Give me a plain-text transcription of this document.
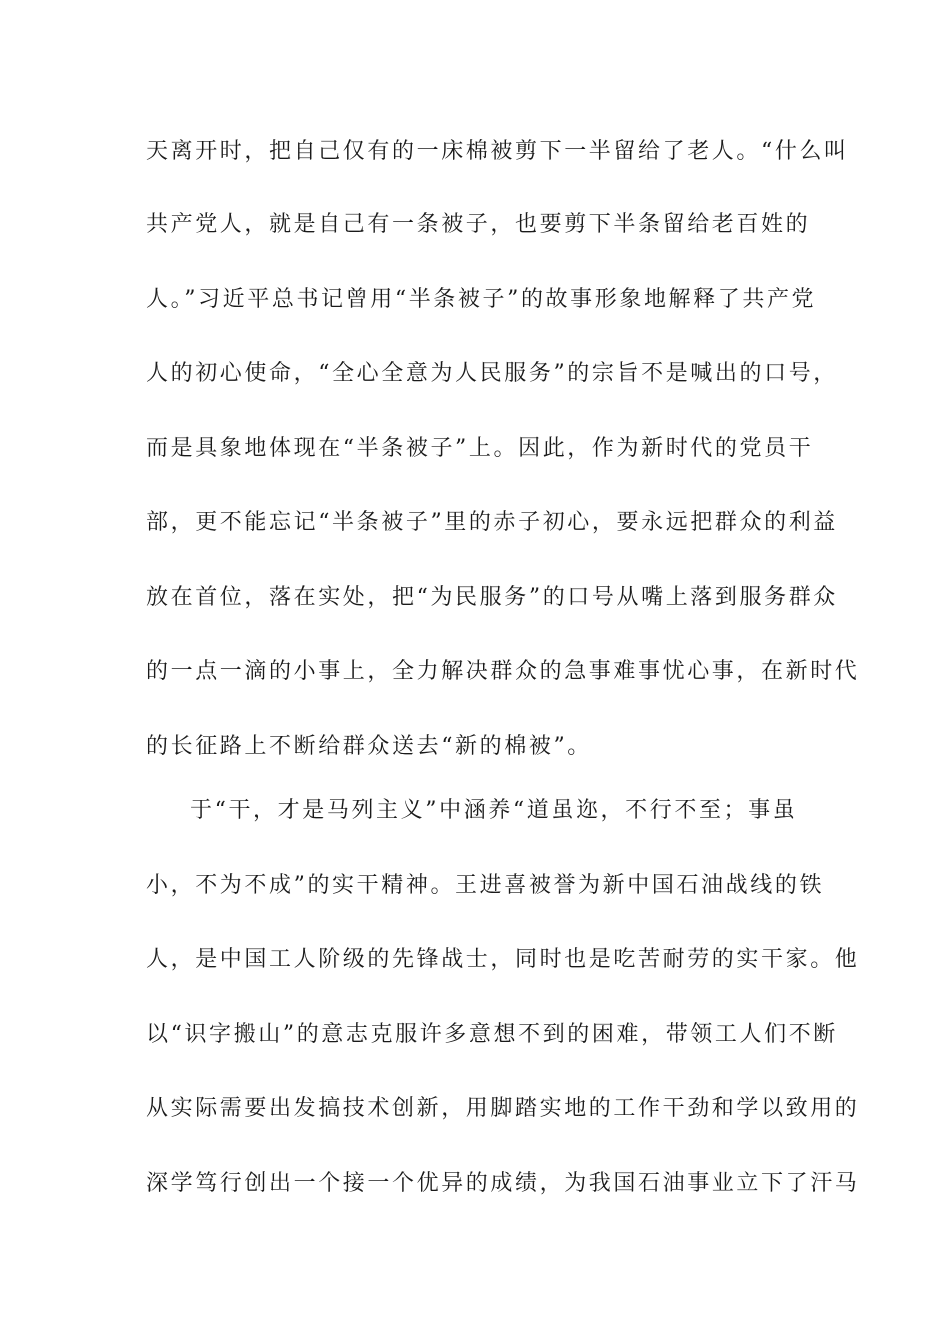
天离开时，把自己仅有的一床棉被剪下一半留给了老人。“什么叫
共产党人，就是自己有一条被子，也要剪下半条留给老百姓的
人。”习近平总书记曾用“半条被子”的故事形象地解释了共产党
人的初心使命，“全心全意为人民服务”的宗旨不是喊出的口号，
而是具象地体现在“半条被子”上。因此，作为新时代的党员干
部，更不能忘记“半条被子”里的赤子初心，要永远把群众的利益
放在首位，落在实处，把“为民服务”的口号从嘴上落到服务群众
的一点一滴的小事上，全力解决群众的急事难事忧心事，在新时代
的长征路上不断给群众送去“新的棉被”。
于“干，才是马列主义”中涵养“道虽迩，不行不至；事虽
小，不为不成”的实干精神。王进喜被誉为新中国石油战线的铁
人，是中国工人阶级的先锋战士，同时也是吃苦耐劳的实干家。他
以“识字搬山”的意志克服许多意想不到的困难，带领工人们不断
从实际需要出发搞技术创新，用脚踏实地的工作干劲和学以致用的
深学笃行创出一个接一个优异的成绩，为我国石油事业立下了汗马
